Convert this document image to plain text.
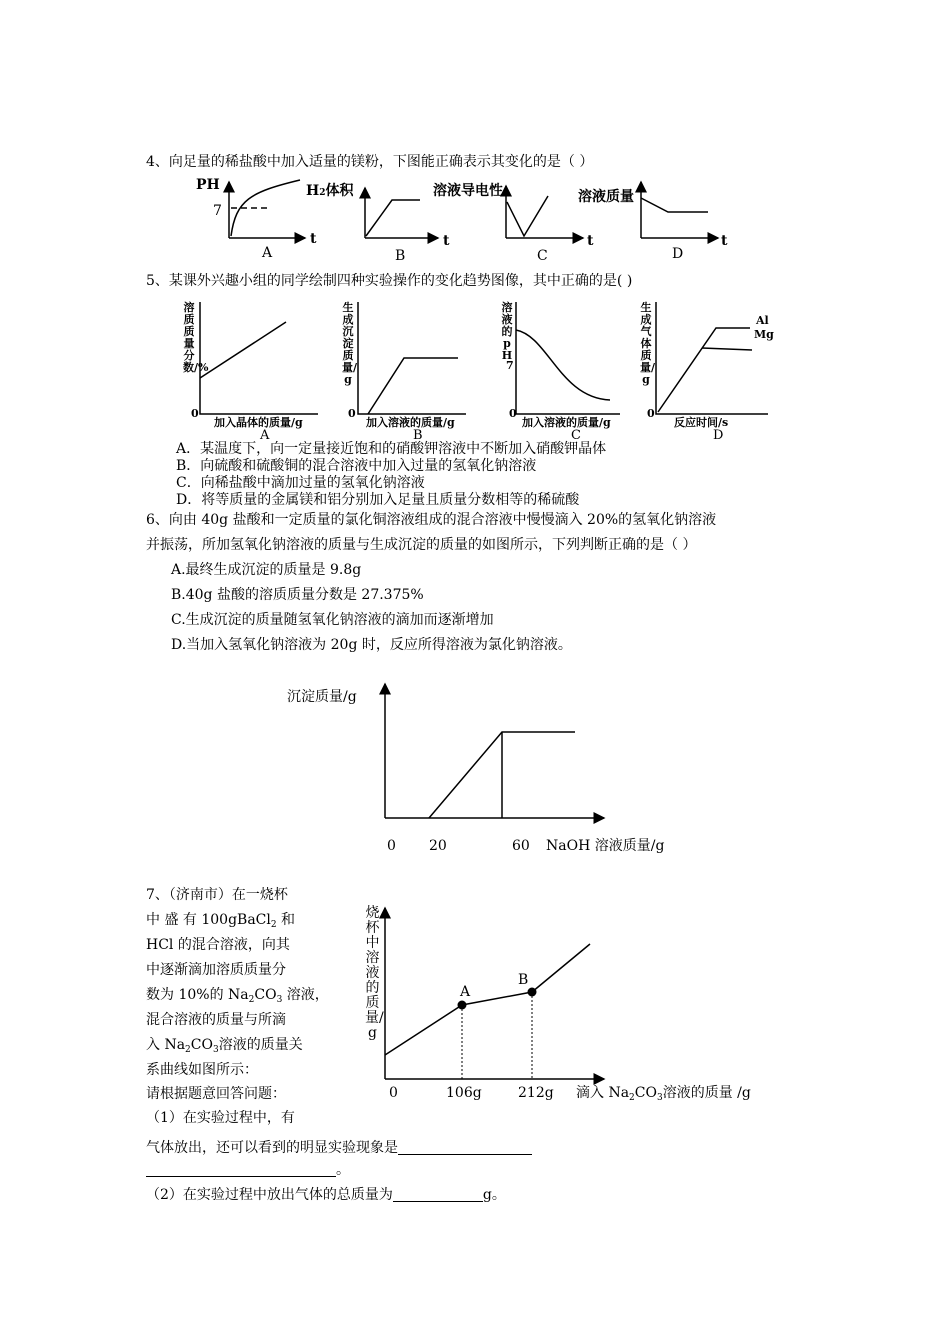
4、向足量的稀盐酸中加入适量的镁粉，下图能正确表示其变化的是（ ）
PH
7
t
A
H2体积
t
B
溶液导电性
t
C
溶液质量
t
D
5、某课外兴趣小组的同学绘制四种实验操作的变化趋势图像，其中正确的是( )
溶质质量分数/%
0
加入晶体的质量/g
A
生成沉淀质量/g
0
加入溶液的质量/g
B
溶液的pH
7
0
加入溶液的质量/g
C
生成气体质量/g
0
反应时间/s
D
Al
Mg
A．某温度下，向一定量接近饱和的硝酸钾溶液中不断加入硝酸钾晶体
B．向硫酸和硫酸铜的混合溶液中加入过量的氢氧化钠溶液
C．向稀盐酸中滴加过量的氢氧化钠溶液
D．将等质量的金属镁和铝分别加入足量且质量分数相等的稀硫酸
6、向由 40g 盐酸和一定质量的氯化铜溶液组成的混合溶液中慢慢滴入 20%的氢氧化钠溶液
并振荡，所加氢氧化钠溶液的质量与生成沉淀的质量的如图所示，下列判断正确的是（ ）
A.最终生成沉淀的质量是 9.8g
B.40g 盐酸的溶质质量分数是 27.375%
C.生成沉淀的质量随氢氧化钠溶液的滴加而逐渐增加
D.当加入氢氧化钠溶液为 20g 时，反应所得溶液为氯化钠溶液。
沉淀质量/g
0 20	60 NaOH 溶液质量/g
7、（济南市）在一烧杯
中 盛 有 100gBaCl$_2$ 和
HCl 的混合溶液，向其
中逐渐滴加溶质质量分
数为 10%的 $Na_2CO_3$ 溶液，
混合溶液的质量与所滴
入 $Na_2CO_3$溶液的质量关
系曲线如图所示：
请根据题意回答问题：
烧杯中溶液的质量/g
A
B
0	106g	212g 滴入 $Na_2CO_3$溶液的质量 /g
（1）在实验过程中，有
气体放出，还可以看到的明显实验现象是
。
（2）在实验过程中放出气体的总质量为	g。
